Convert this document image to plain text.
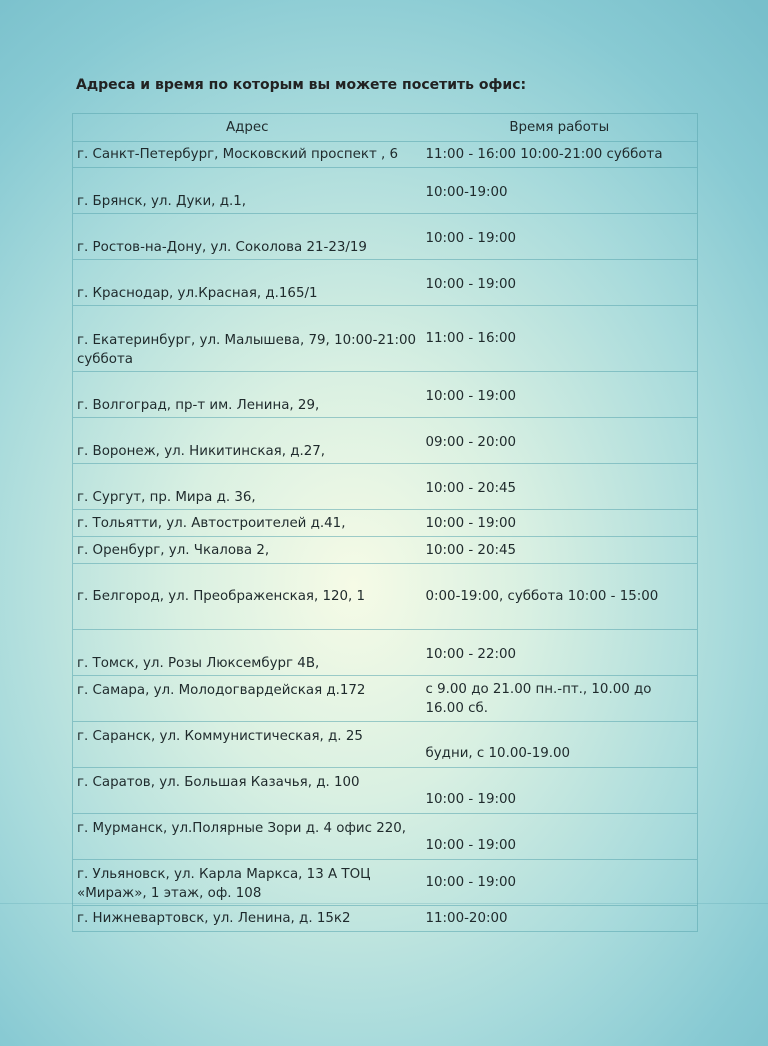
Адреса и время по которым вы можете посетить офис:
Адрес	Время работы
г. Санкт-Петербург, Московский проспект , 6	11:00 - 16:00 10:00-21:00 суббота
г. Брянск, ул. Дуки, д.1,	10:00-19:00
г. Ростов-на-Дону, ул. Соколова 21-23/19	10:00 - 19:00
г. Краснодар, ул.Красная, д.165/1	10:00 - 19:00
г. Екатеринбург, ул. Малышева, 79, 10:00-21:00 суббота	11:00 - 16:00
г. Волгоград, пр-т им. Ленина, 29,	10:00 - 19:00
г. Воронеж, ул. Никитинская, д.27,	09:00 - 20:00
г. Сургут, пр. Мира д. 36,	10:00 - 20:45
г. Тольятти, ул. Автостроителей д.41,	10:00 - 19:00
г. Оренбург, ул. Чкалова 2,	10:00 - 20:45
г. Белгород, ул. Преображенская, 120, 1	0:00-19:00, суббота 10:00 - 15:00
г. Томск, ул. Розы Люксембург 4В,	10:00 - 22:00
г. Самара, ул. Молодогвардейская д.172	с 9.00 до 21.00 пн.-пт., 10.00 до 16.00 сб.
г. Саранск, ул. Коммунистическая, д. 25	будни, с 10.00-19.00
г. Саратов, ул. Большая Казачья, д. 100	10:00 - 19:00
г. Мурманск, ул.Полярные Зори д. 4 офис 220,	10:00 - 19:00
г. Ульяновск, ул. Карла Маркса, 13 А ТОЦ «Мираж», 1 этаж, оф. 108	10:00 - 19:00
г. Нижневартовск, ул. Ленина, д. 15к2	11:00-20:00
